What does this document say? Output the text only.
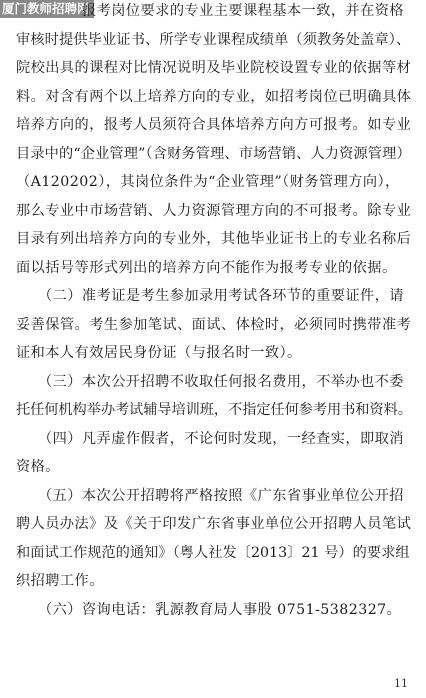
厦门教师招聘网
报考岗位要求的专业主要课程基本一致，并在资格
审核时提供毕业证书、所学专业课程成绩单（须教务处盖章）、
院校出具的课程对比情况说明及毕业院校设置专业的依据等材
料。对含有两个以上培养方向的专业，如招考岗位已明确具体
培养方向的，报考人员须符合具体培养方向方可报考。如专业
目录中的“企业管理”（含财务管理、市场营销、人力资源管理）
（A120202），其岗位条件为“企业管理”（财务管理方向），
那么专业中市场营销、人力资源管理方向的不可报考。除专业
目录有列出培养方向的专业外，其他毕业证书上的专业名称后
面以括号等形式列出的培养方向不能作为报考专业的依据。
（二）准考证是考生参加录用考试各环节的重要证件，请
妥善保管。考生参加笔试、面试、体检时，必须同时携带准考
证和本人有效居民身份证（与报名时一致）。
（三）本次公开招聘不收取任何报名费用，不举办也不委
托任何机构举办考试辅导培训班，不指定任何参考用书和资料。
（四）凡弄虚作假者，不论何时发现，一经查实，即取消
资格。
（五）本次公开招聘将严格按照《广东省事业单位公开招
聘人员办法》及《关于印发广东省事业单位公开招聘人员笔试
和面试工作规范的通知》（粤人社发〔2013〕21 号）的要求组
织招聘工作。
（六）咨询电话：乳源教育局人事股 0751-5382327。
11
